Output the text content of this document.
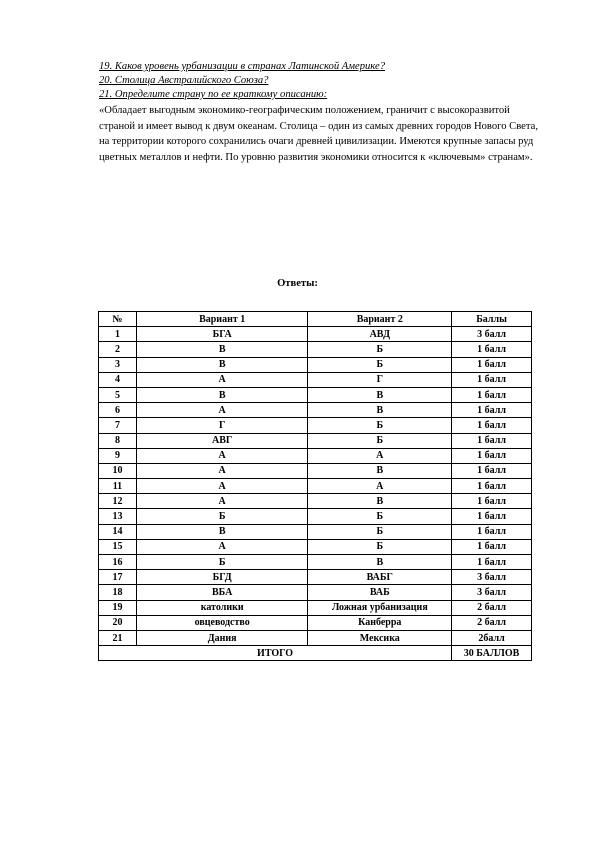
19. Каков уровень урбанизации в странах Латинской Америке?
20. Столица Австралийского Союза?
21. Определите страну по ее краткому описанию:

«Обладает выгодным экономико-географическим положением, граничит с высокоразвитой страной и имеет вывод к двум океанам. Столица – один из самых древних городов Нового Света, на территории которого сохранились очаги древней цивилизации. Имеются крупные запасы руд цветных металлов и нефти. По уровню развития экономики относится к «ключевым» странам».

Ответы:
№	Вариант 1	Вариант 2	Баллы
1	БГА	АВД	3 балл
2	В	Б	1 балл
3	В	Б	1 балл
4	А	Г	1 балл
5	В	В	1 балл
6	А	В	1 балл
7	Г	Б	1 балл
8	АВГ	Б	1 балл
9	А	А	1 балл
10	А	В	1 балл
11	А	А	1 балл
12	А	В	1 балл
13	Б	Б	1 балл
14	В	Б	1 балл
15	А	Б	1 балл
16	Б	В	1 балл
17	БГД	ВАБГ	3 балл
18	ВБА	ВАБ	3 балл
19	католики	Ложная урбанизация	2 балл
20	овцеводство	Канберра	2 балл
21	Дания	Мексика	2балл
ИТОГО			30 БАЛЛОВ
